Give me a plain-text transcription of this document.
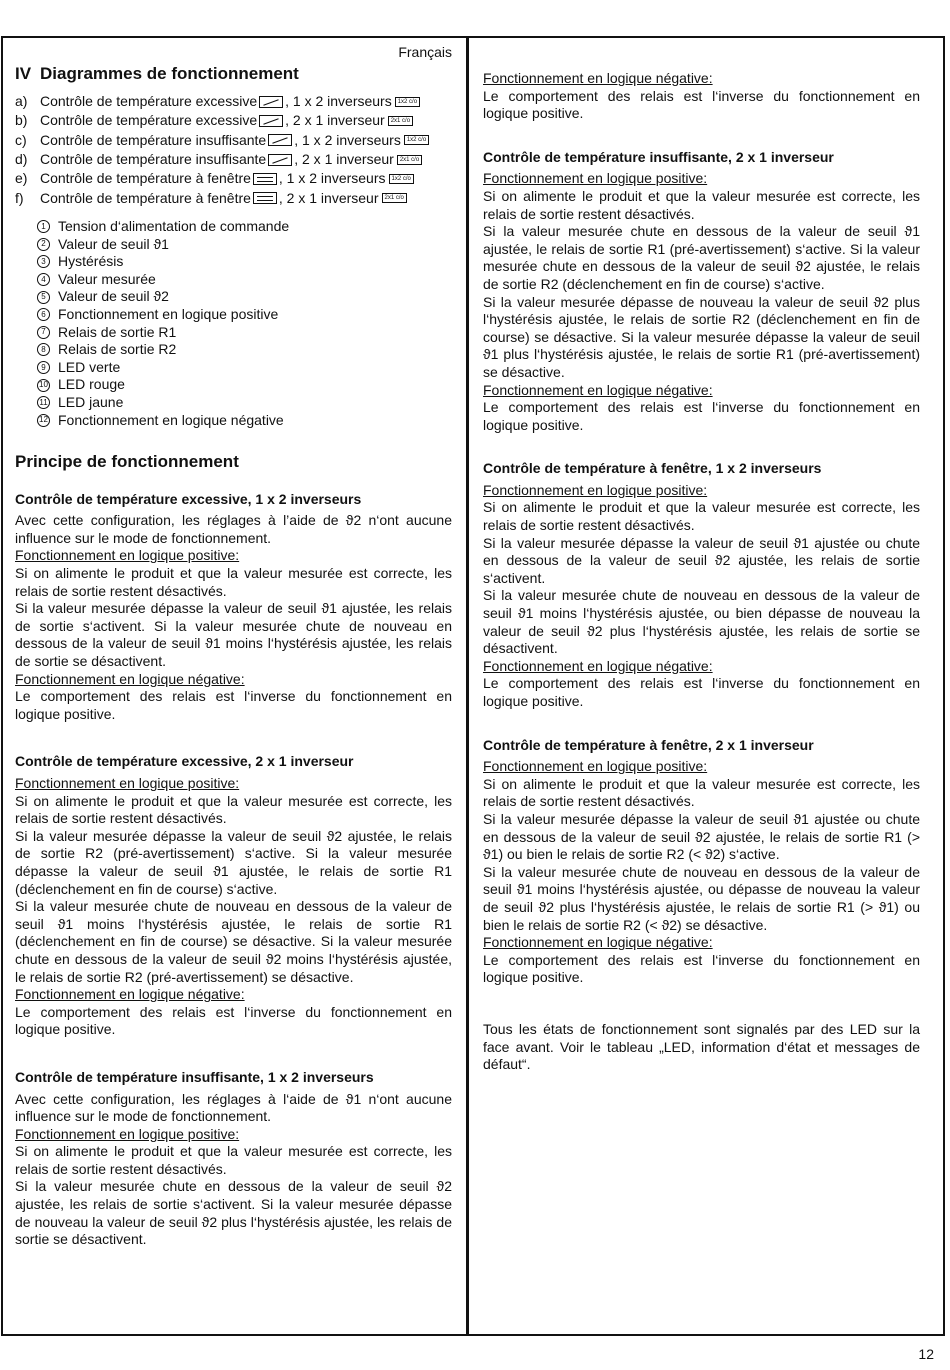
Français
IV Diagrammes de fonctionnement
a) Contrôle de température excessive , 1 x 2 inverseurs	1x2 c/o
b) Contrôle de température excessive , 2 x 1 inverseur	2x1 c/o
c) Contrôle de température insuffisante , 1 x 2 inverseurs	1x2 c/o
d) Contrôle de température insuffisante , 2 x 1 inverseur	2x1 c/o
e) Contrôle de température à fenêtre , 1 x 2 inverseurs	1x2 c/o
f)	Contrôle de température à fenêtre , 2 x 1 inverseur	2x1 c/o
1 Tension d‘alimentation de commande
2 Valeur de seuil ϑ1
3 Hystérésis
4 Valeur mesurée
5 Valeur de seuil ϑ2
6 Fonctionnement en logique positive
7 Relais de sortie R1
8 Relais de sortie R2
9 LED verte
10 LED rouge
11 LED jaune
12 Fonctionnement en logique négative
Principe de fonctionnement
Contrôle de température excessive, 1 x 2 inverseurs

Avec cette configuration, les réglages à l’aide de ϑ2 n‘ont aucune influence sur le mode de fonctionnement.

Fonctionnement en logique positive:

Si on alimente le produit et que la valeur mesurée est correcte, les relais de sortie restent désactivés.

Si la valeur mesurée dépasse la valeur de seuil ϑ1 ajustée, les relais de sortie s‘activent. Si la valeur mesurée chute de nouveau en dessous de la valeur de seuil ϑ1 moins l‘hystérésis ajustée, les relais de sortie se désactivent.

Fonctionnement en logique négative:

Le comportement des relais est l‘inverse du fonctionnement en logique positive.

Contrôle de température excessive, 2 x 1 inverseur

Fonctionnement en logique positive:

Si on alimente le produit et que la valeur mesurée est correcte, les relais de sortie restent désactivés.

Si la valeur mesurée dépasse la valeur de seuil ϑ2 ajustée, le relais de sortie R2 (pré-avertissement) s‘active. Si la valeur mesurée dépasse la valeur de seuil ϑ1 ajustée, le relais de sortie R1 (déclenchement en fin de course) s‘active.

Si la valeur mesurée chute de nouveau en dessous de la valeur de seuil ϑ1 moins l‘hystérésis ajustée, le relais de sortie R1 (déclenchement en fin de course) se désactive. Si la valeur mesurée chute en dessous de la valeur de seuil ϑ2 moins l‘hystérésis ajustée, le relais de sortie R2 (pré-avertissement) se désactive.

Fonctionnement en logique négative:

Le comportement des relais est l‘inverse du fonctionnement en logique positive.

Contrôle de température insuffisante, 1 x 2 inverseurs

Avec cette configuration, les réglages à l‘aide de ϑ1 n‘ont aucune influence sur le mode de fonctionnement.

Fonctionnement en logique positive:

Si on alimente le produit et que la valeur mesurée est correcte, les relais de sortie restent désactivés.

Si la valeur mesurée chute en dessous de la valeur de seuil ϑ2 ajustée, les relais de sortie s‘activent. Si la valeur mesurée dépasse de nouveau la valeur de seuil ϑ2 plus l‘hystérésis ajustée, les relais de sortie se désactivent.

Fonctionnement en logique négative:

Le comportement des relais est l‘inverse du fonctionnement en logique positive.

Contrôle de température insuffisante, 2 x 1 inverseur

Fonctionnement en logique positive:

Si on alimente le produit et que la valeur mesurée est correcte, les relais de sortie restent désactivés.

Si la valeur mesurée chute en dessous de la valeur de seuil ϑ1 ajustée, le relais de sortie R1 (pré-avertissement) s‘active. Si la valeur mesurée chute en dessous de la valeur de seuil ϑ2 ajustée, le relais de sortie R2 (déclenchement en fin de course) s‘active.

Si la valeur mesurée dépasse de nouveau la valeur de seuil ϑ2 plus l‘hystérésis ajustée, le relais de sortie R2 (déclenchement en fin de course) se désactive. Si la valeur mesurée dépasse la valeur de seuil ϑ1 plus l‘hystérésis ajustée, le relais de sortie R1 (pré-avertissement) se désactive.

Fonctionnement en logique négative:

Le comportement des relais est l‘inverse du fonctionnement en logique positive.

Contrôle de température à fenêtre, 1 x 2 inverseurs

Fonctionnement en logique positive:

Si on alimente le produit et que la valeur mesurée est correcte, les relais de sortie restent désactivés.

Si la valeur mesurée dépasse la valeur de seuil ϑ1 ajustée ou chute en dessous de la valeur de seuil ϑ2 ajustée, les relais de sortie s‘activent.

Si la valeur mesurée chute de nouveau en dessous de la valeur de seuil ϑ1 moins l‘hystérésis ajustée, ou bien dépasse de nouveau la valeur de seuil ϑ2 plus l‘hystérésis ajustée, les relais de sortie se désactivent.

Fonctionnement en logique négative:

Le comportement des relais est l‘inverse du fonctionnement en logique positive.

Contrôle de température à fenêtre, 2 x 1 inverseur

Fonctionnement en logique positive:

Si on alimente le produit et que la valeur mesurée est correcte, les relais de sortie restent désactivés.

Si la valeur mesurée dépasse la valeur de seuil ϑ1 ajustée ou chute en dessous de la valeur de seuil ϑ2 ajustée, le relais de sortie R1 (> ϑ1) ou bien le relais de sortie R2 (< ϑ2) s‘active.

Si la valeur mesurée chute de nouveau en dessous de la valeur de seuil ϑ1 moins l‘hystérésis ajustée, ou dépasse de nouveau la valeur de seuil ϑ2 plus l‘hystérésis ajustée, le relais de sortie R1 (> ϑ1) ou bien le relais de sortie R2 (< ϑ2) se désactive.

Fonctionnement en logique négative:

Le comportement des relais est l‘inverse du fonctionnement en logique positive.

Tous les états de fonctionnement sont signalés par des LED sur la face avant. Voir le tableau „LED, information d‘état et messages de défaut“.

12
